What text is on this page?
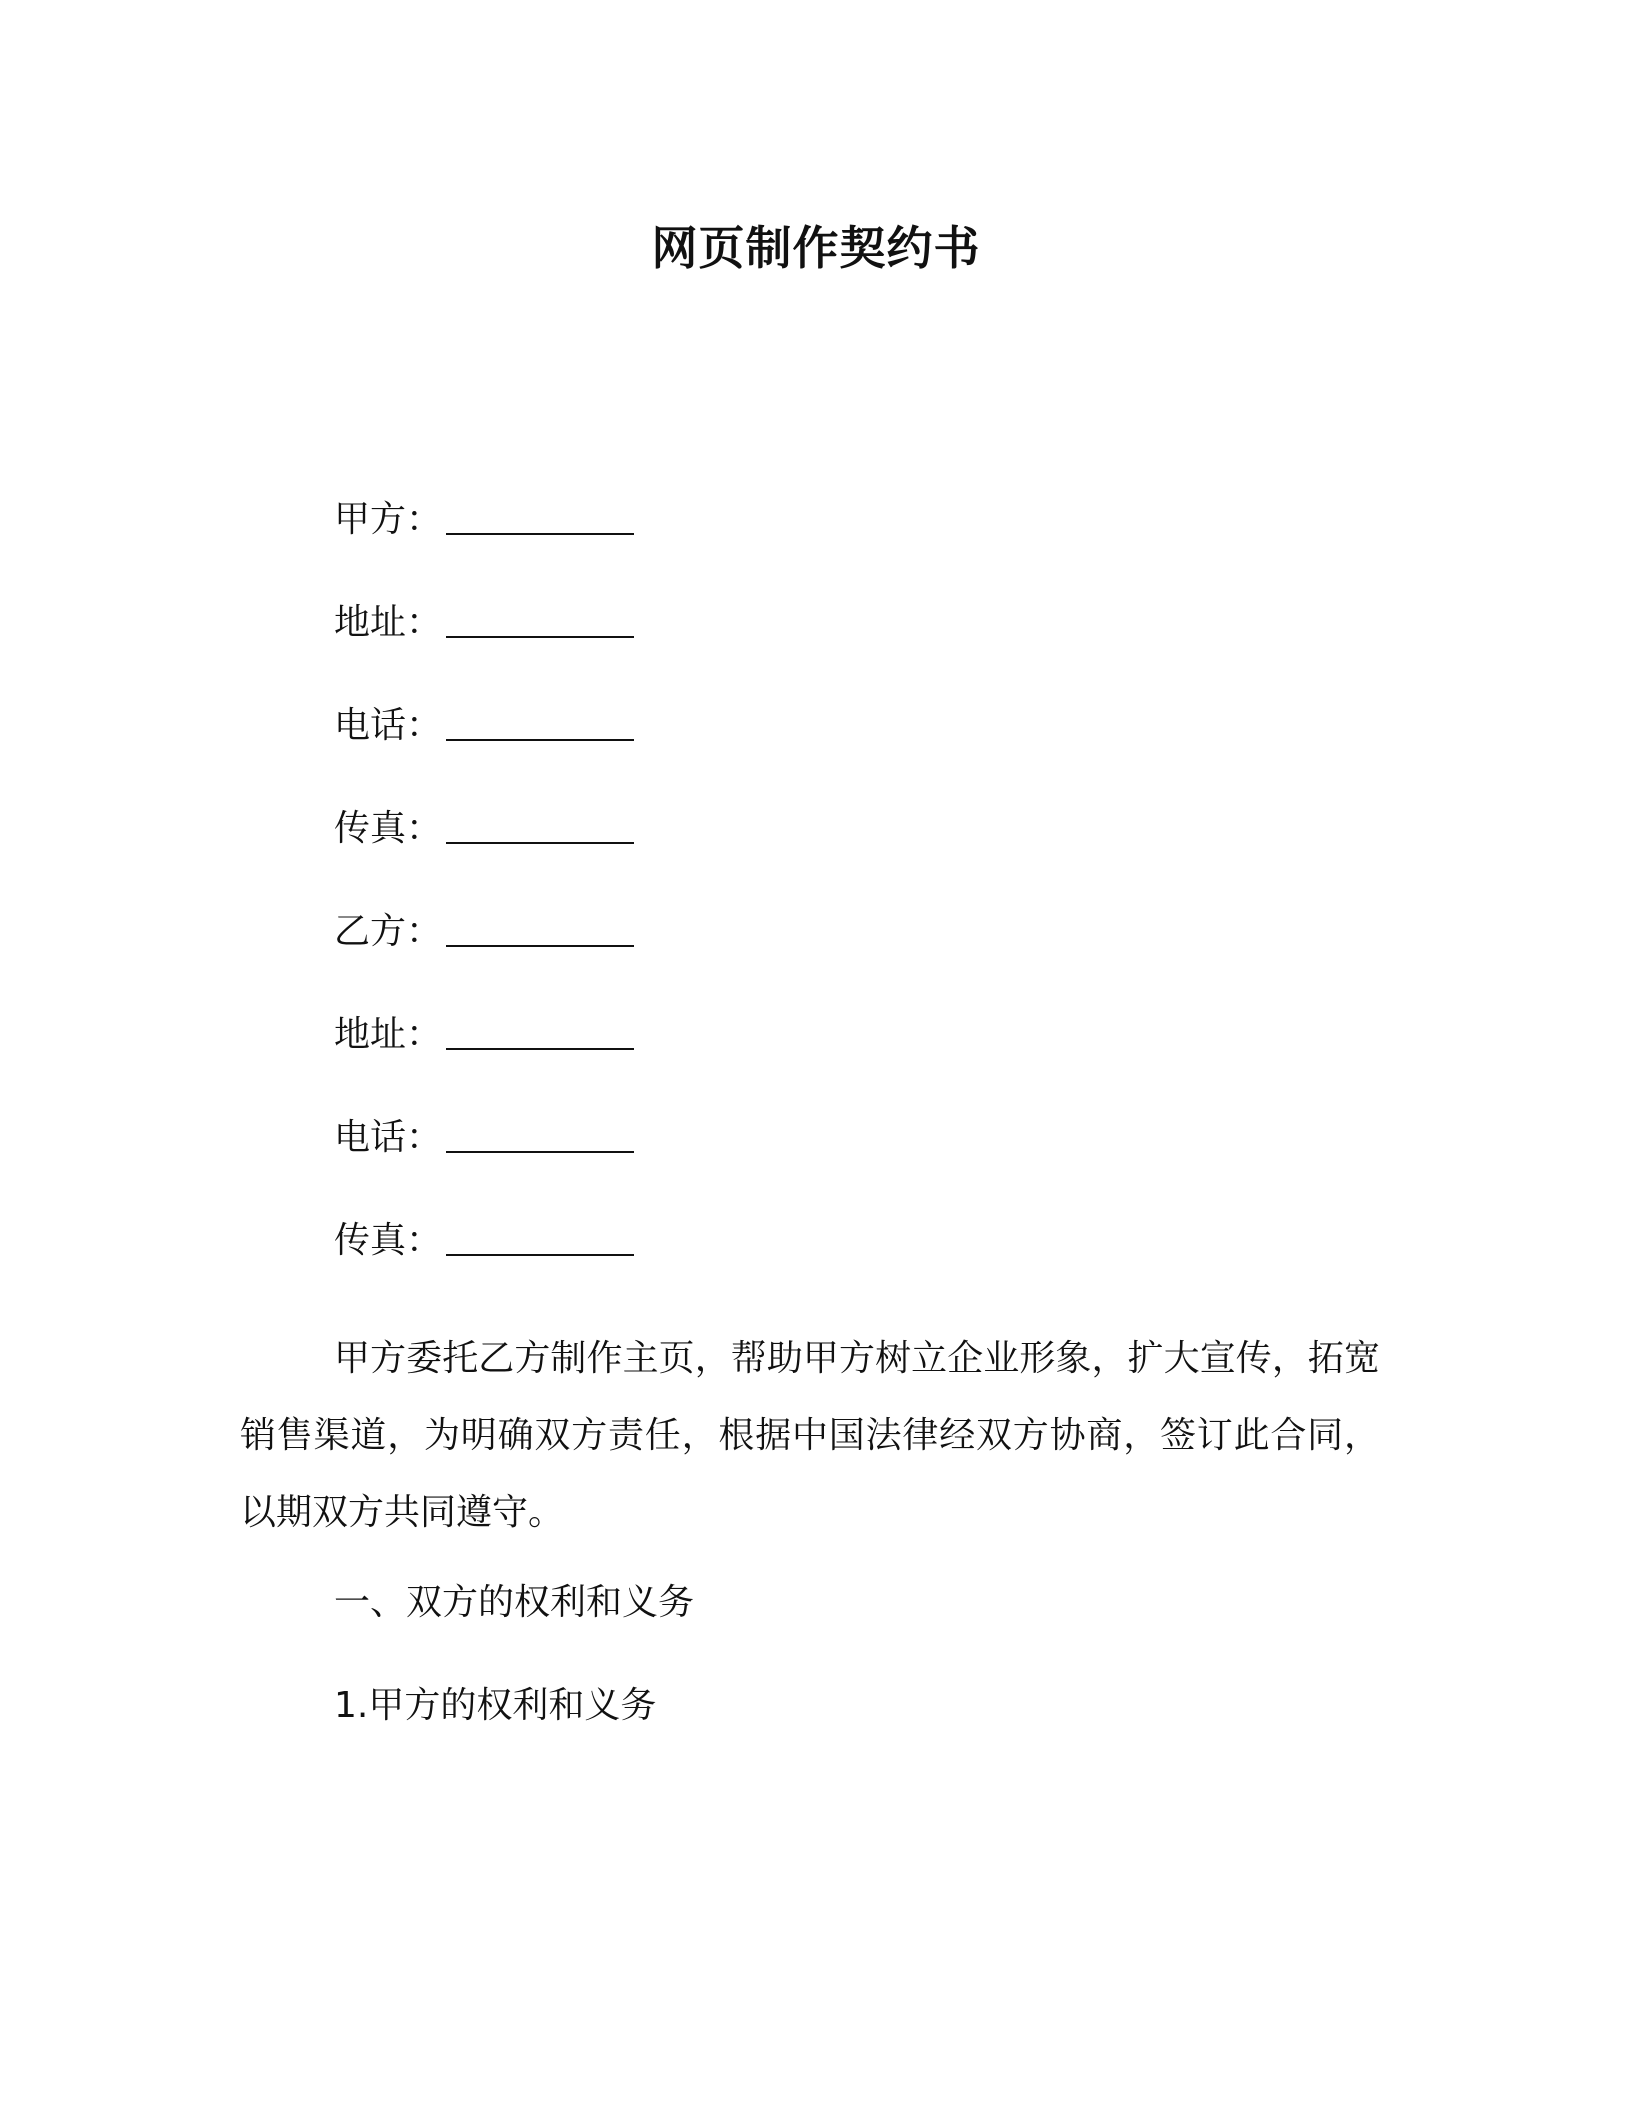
网页制作契约书
甲方：
地址：
电话：
传真：
乙方：
地址：
电话：
传真：
甲方委托乙方制作主页，帮助甲方树立企业形象，扩大宣传，拓宽销售渠道，为明确双方责任，根据中国法律经双方协商，签订此合同，以期双方共同遵守。
一、双方的权利和义务
1.甲方的权利和义务
